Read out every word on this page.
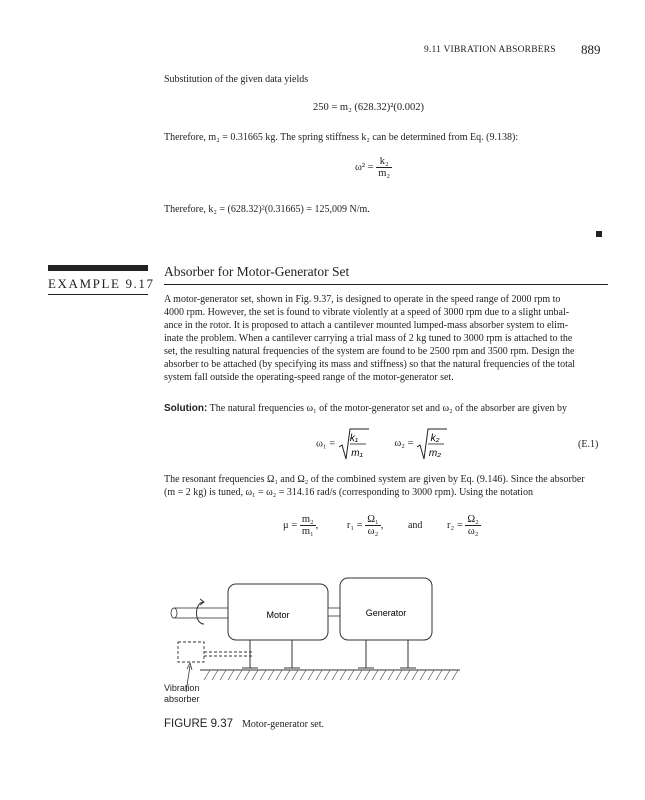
9.11 VIBRATION ABSORBERS 889
Substitution of the given data yields
250 = m₂ (628.32)²(0.002)
Therefore, m₂ = 0.31665 kg. The spring stiffness k₂ can be determined from Eq. (9.138):
$\omega^2 = \frac{\text{k₂}}{\text{m₂}}$
Therefore, k₂ = (628.32)²(0.31665) = 125,009 N/m.
EXAMPLE 9.17
Absorber for Motor-Generator Set
A motor-generator set, shown in Fig. 9.37, is designed to operate in the speed range of 2000 rpm to
4000 rpm. However, the set is found to vibrate violently at a speed of 3000 rpm due to a slight unbal-
ance in the rotor. It is proposed to attach a cantilever mounted lumped-mass absorber system to elim-
inate the problem. When a cantilever carrying a trial mass of 2 kg tuned to 3000 rpm is attached to the
set, the resulting natural frequencies of the system are found to be 2500 rpm and 3500 rpm. Design the
absorber to be attached (by specifying its mass and stiffness) so that the natural frequencies of the total
system fall outside the operating-speed range of the motor-generator set.
Solution: The natural frequencies ω₁ of the motor-generator set and ω₂ of the absorber are given by
ω₁ = k₁
m₁
ω₂ = k₂
m₂
(E.1)
The resonant frequencies Ω₁ and Ω₂ of the combined system are given by Eq. (9.146). Since the absorber
(m = 2 kg) is tuned, ω₁ = ω₂ = 314.16 rad/s (corresponding to 3000 rpm). Using the notation
$\mu = \frac{\text{m₂}}{\text{m₁}}$ , $r_1 = \frac{\text{Ω₁}}{\text{ω₂}}$ , and $r_2 = \frac{\text{Ω₂}}{\text{ω₂}}$
Motor	Generator
Vibration
absorber
FIGURE 9.37 Motor-generator set.
